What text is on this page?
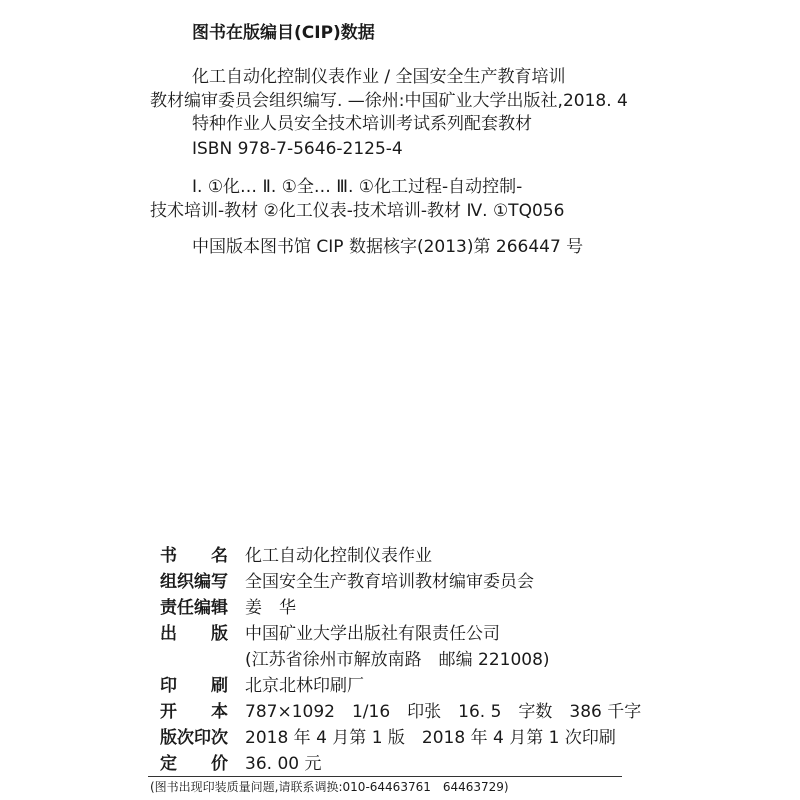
图书在版编目(CIP)数据
化工自动化控制仪表作业 / 全国安全生产教育培训
教材编审委员会组织编写. —徐州:中国矿业大学出版社,2018. 4
特种作业人员安全技术培训考试系列配套教材
ISBN 978-7-5646-2125-4
Ⅰ. ①化… Ⅱ. ①全… Ⅲ. ①化工过程-自动控制-
技术培训-教材 ②化工仪表-技术培训-教材 Ⅳ. ①TQ056
中国版本图书馆 CIP 数据核字(2013)第 266447 号
书　　名 化工自动化控制仪表作业
组织编写 全国安全生产教育培训教材编审委员会
责任编辑 姜　华
出　　版 中国矿业大学出版社有限责任公司
(江苏省徐州市解放南路　邮编 221008)
印　　刷 北京北林印刷厂
开　　本 787×1092　1/16　印张　16. 5　字数　386 千字
版次印次 2018 年 4 月第 1 版　2018 年 4 月第 1 次印刷
定　　价 36. 00 元
(图书出现印装质量问题,请联系调换:010-64463761　64463729)
